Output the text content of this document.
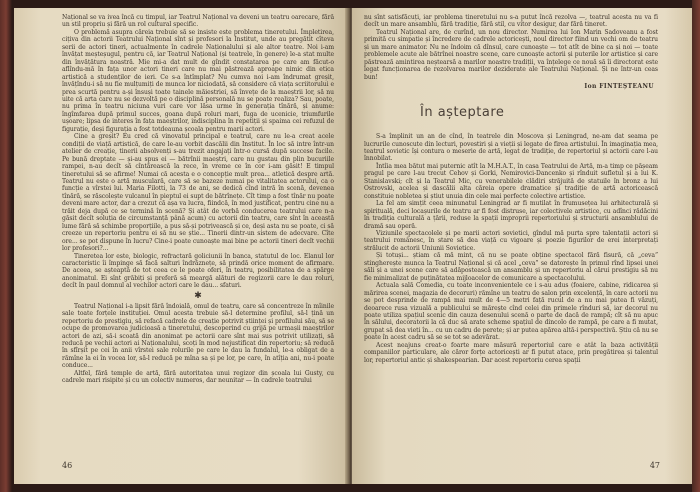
Național se va ivea încă cu timpul, iar Teatrul Național va deveni un teatru oarecare, fără un stil propriu și fără un rol cultural specific.

O problemă asupra căreia trebuie să se insiste este problema tineretului. Împletirea, cițiva din actorii Teatrului Național sînt și profesori la Institut, unde au pregătit cîteva serii de actori tineri, actualmente în cadrele Naționalului și ale altor teatre. Noi i-am învățat meșteșugul, pentru că, iar Teatrul Național (și teatrele, în genere) le-a stat multe din învățătura noastră. Mie mi-a dat mult de gîndit constatarea pe care am făcut-o aflîndu-mă în fața unor actori tineri care nu mai păstrează aproape nimic din etica artistică a studenților de ieri. Ce s-a întîmplat? Nu cumva noi i-am îndrumat greșit, învățîndu-i să nu fie mulțumiți de munca lor niciodată, să considere că viața scriitorului e prea scurtă pentru a-și însuși toate tainele măiestriei, să învețe de la maeștrii lor, să nu uite că arta care nu se dezvoltă pe o disciplină personală nu se poate realiza? Sau, poate, nu prima în teatru niciuna vuri care vor lăsa urme în generația tînără, și anume: îngîmfarea după primul succes, goana după roluri mari, fuga de ucenicie, triumfurile ușoare; lipsa de interes în fața maeștrilor, indisciplina în repetiții și spaima cei refuzul de figurație, deși figurația a fost totdeauna școala pentru marii actori.

Cine a greșit? Eu cred că vinovatul principal e teatrul, care nu le-a creat acele condiții de viață artistică, de care le-au vorbit dascălii din Institut. În loc să intre într-un atelier de creație, tinerii absolvenți s-au trezit angajați într-o cursă după succese facile. Pe bună dreptate — și-au spus ei — bătrînii maeștri, care nu gustau din plin bucuriile rampei, n-au decît să cîntărească la rece, în vreme ce în cor i-am găsit! E timpul tineretului să se afirme! Numai că acesta e o concepție mult prea... atletică despre artă. Teatrul nu este o artă musculară, care să se bazeze numai pe vitalitatea actorului, ca o funcție a vîrstei lui. Maria Filotti, la 73 de ani, se dedică cînd intră în scenă, devenea tînără, se răscolește vulcanul în pieptul ei supt de bătrînețe. Cît timp a fost tînăr nu poate deveni mare actor, dar a crezut că așa va lucra, fiindcă, în mod justificat, pentru cine nu a trăit deja după ce se termină în scenă? Și atât de vorbă conducerea teatrului care n-a găsit decît soluția de circumstanță până acum) cu actorii din teatru, care sînt în această lume fără să schimbe proporțiile, a pus să-și potrivească și ce, deși asta nu se poate, ci să creeze un repertoriu pentru ei să nu se știe... Tinerii dintr-un sistem de adecvare. Cîte ore... se pot dispune în lucru? Cine-i poate cunoaște mai bine pe actorii tineri decît vechii lor profesori?...

Tineretea lor este, biologic, refractară goliciunii în banca, statutul de loc. Elanul lor caracteristic îi împinge să facă salturi îndrăznețe, să prindă orice moment de afirmare. De aceea, se așteaptă de tot ceea ce le poate oferi, în teatru, posibilitatea de a spărge anonimatul. Ei sînt grăbiți și preferă să meargă alături de regizorii care le dau roluri, decît în paul domnul al vechilor actori care le dau... sfaturi.

✱

Teatrul Național i-a lipsit fără îndoială, omul de teatru, care să concentreze în mîinile sale toate forțele instituției. Omul acesta trebuie să-l determine profilul, să-l țină un repertoriu de prestigiu, să refacă cadrele de creație potrivit științei și profilului său, să se ocupe de promovarea judicioasă a tineretului, descoperind cu grijă pe urmașii maeștrilor actori de azi, să-i scoată din anonimat pe actorii care sînt mai sus potrivit utilizați, să reducă pe vechii actori ai Naționalului, scoți în mod nejustificat din repertoriu; să reducă în sfîrșit pe cei în anii vîrstei sale rolurile pe care le dau la fundalul, le-a obligat de a rămîne la ei în vocea lor, să-l reducă pe mîna sa și pe lor, pe care, în atîția ani, nu-i poate conduce...

Altfel, fără temple de artă, fără autoritatea unui regizor din școala lui Gusty, cu cadrele mari risipite și cu un colectiv numeros, dar neunitar — în cadrele teatrului

46

nu sînt satisfăcuți, iar problema tineretului nu s-a putut încă rezolva —, teatrul acesta nu va fi decît un mare ansamblu, fără tradiție, fără stil, cu vitor desigur, dar fără tineret.

Teatrul Național are, de curînd, un nou director. Numirea lui Ion Marin Sadoveanu a fost primită cu simpatie și încredere de cadrele actoricești, noul director fiind un vechi om de teatru și un mare animator. Nu ne îndoim că dînsul, care cunoaște — tot atît de bine ca și noi — toate problemele acute ale bătrînei noastre scene, care cunoaște actorii și puterile lor artistice și care păstrează amintirea neștearsă a marilor noastre tradiții, va înțelege ce nouă să îi directorat este legat funcționarea de rezolvarea marilor deziderate ale Teatrului Național. Și ne într-un ceas bun!

Ion FINTEȘTEANU
În așteptare

S-a împlinit un an de cînd, în teatrele din Moscova și Leningrad, ne-am dat seama pe lucrurile cunoscute din lecturi, povestiri și a vieții și legate de firea artistului. În imaginația mea, teatrul sovietic își contura o meserie de artă, legat de tradiție, de repertoriul și actorii care l-au înnobilat.

Întîia mea bătut mai puternic atît la M.H.A.T., în casa Teatrului de Artă, m-a timp ce pășeam pragul pe care l-au trecut Cehov și Gorki, Nemirovici-Dancenko și rînduit sufletul și a lui K. Stanislavski; cît și la Teatrul Mic, cu venerabilele clădiri străjuită de statuile în bronz a lui Ostrovski, acelea și dascălii alta căreia opere dramatice și tradiție de artă actoricească constituie nobletea și știut unuia din cele mai perfecte colective artistice.

La fel am simțit ceea minunatul Leningrad ar fi mutilat în frumusețea lui arhitecturală și spirituală, deci locașurile de teatru ar fi fost distruse, iar colectivele artistice, cu adînci rădăcini în tradiția culturală a țării, reduse la spații improprii repertoriului și structurii ansamblului de dramă sau operă.

Viziunile spectacolele și pe marii actori sovietici, gîndul mă purta spre talentații actori și teatrului românesc, în stare să dea viață cu vigoare și poezie figurilor de erei interpretați strălucit de actorii Uniunii Sovietice.

Și totuși... știam că mă mint, că nu se poate obține spectacol fără fisură, că „ceva” stingherește munca la Teatrul Național și că acel „ceva” se datorește în primul rînd lipsei unei săli și a unei scene care să adăpostească un ansamblu și un repertoriu al cărui prestigiu să nu fie minimalizat de puținătatea mijloacelor de comunicare a spectacolului.

Actuala sală Comedia, cu toate inconvenientele ce i s-au adus (foaiere, cabine, ridicarea și mărirea scenei, magazia de decoruri) rămîne un teatru de salon prin excelență, în care actorii nu se pot desprinde de rampă mai mult de 4—5 metri față rucul de a nu mai putea fi văzuți, deoarece rusa vizuală a publicului se mărește cînd celei din primele rînduri să, iar decorul nu poate utiliza spațiul scenic din cauza desenului scenă o parte de dacă de rampă; cît să nu apuc în sălului, decoratorii la că duc să arate scheme spațiul de dincolo de rampă, pe care a fi mutat, grupat să dea vieți în... cu un cadru de perete; și ar putea apărea altă-i perspectivă. Știu că nu se poate în acest cadru să se se tot se adevărat.

Acest neajuns creat-o foarte mare măsură repertoriul care e atât la baza activității companiilor particulare, ale căror forțe actoricești ar fi putut atace, prin pregătirea și talentul lor, repertoriul antic și shakespearian. Dar acest repertoriu cerea spații

47
